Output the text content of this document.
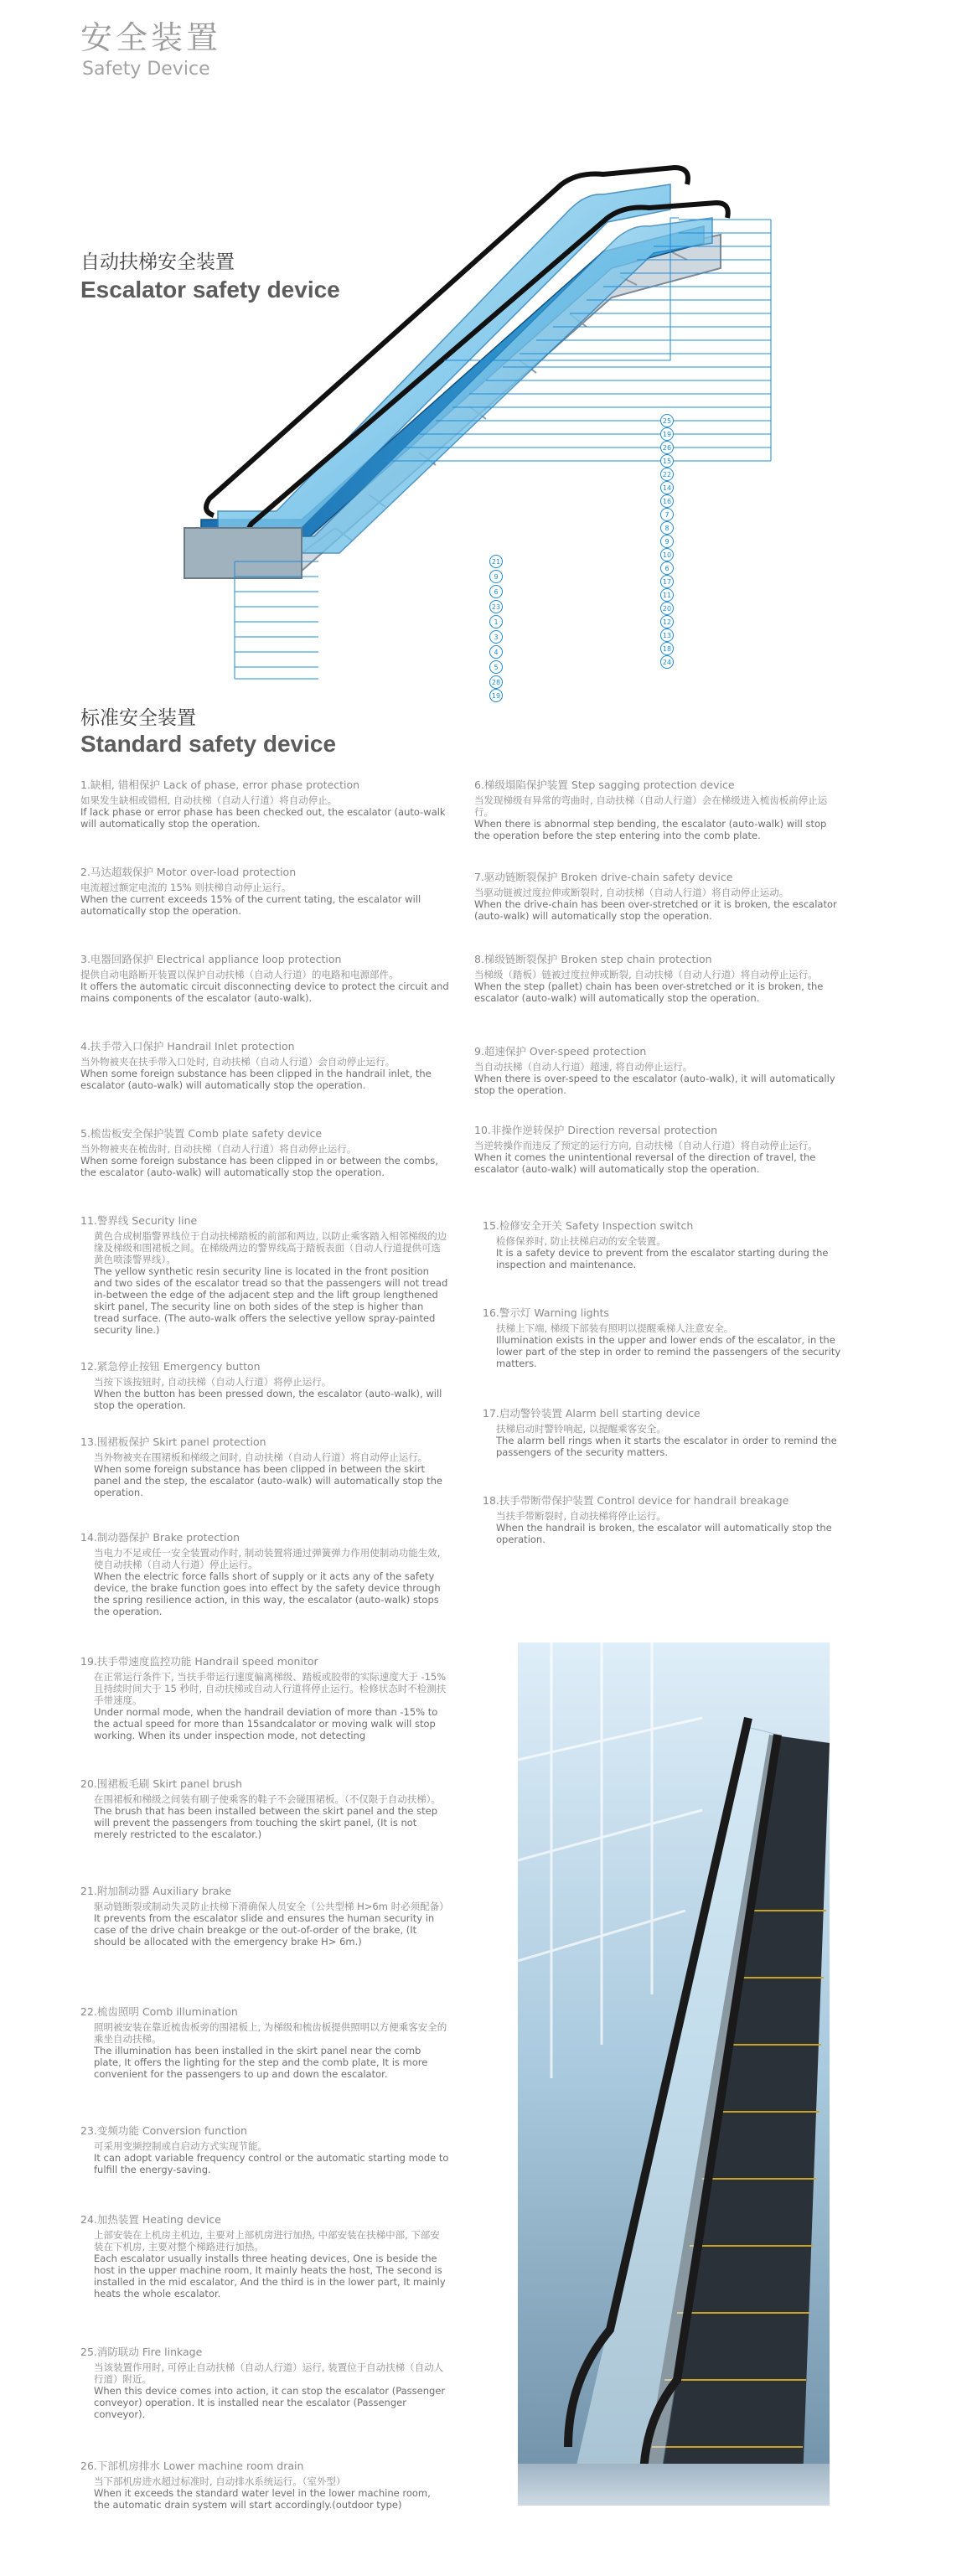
安全装置
Safety Device
自动扶梯安全装置
Escalator safety device
25
19
26
15
22
14
16
7
8
9
10
6
17
11
20
12
13
18
24
21
9
6
23
1
3
4
5
28
19
标准安全装置
Standard safety device
1.缺相, 错相保护 Lack of phase, error phase protection
如果发生缺相或错相, 自动扶梯（自动人行道）将自动停止。
If lack phase or error phase has been checked out, the escalator (auto-walk will automatically stop the operation.
2.马达超载保护 Motor over-load protection
电流超过额定电流的 15% 则扶梯自动停止运行。
When the current exceeds 15% of the current tating, the escalator will automatically stop the operation.
3.电器回路保护 Electrical appliance loop protection
提供自动电路断开装置以保护自动扶梯（自动人行道）的电路和电源部件。
It offers the automatic circuit disconnecting device to protect the circuit and mains components of the escalator (auto-walk).
4.扶手带入口保护 Handrail Inlet protection
当外物被夹在扶手带入口处时, 自动扶梯（自动人行道）会自动停止运行。
When some foreign substance has been clipped in the handrail inlet, the escalator (auto-walk) will automatically stop the operation.
5.梳齿板安全保护装置 Comb plate safety device
当外物被夹在梳齿时, 自动扶梯（自动人行道）将自动停止运行。
When some foreign substance has been clipped in or between the combs, the escalator (auto-walk) will automatically stop the operation.
6.梯级塌陷保护装置 Step sagging protection device
当发现梯级有异常的弯曲时, 自动扶梯（自动人行道）会在梯级进入梳齿板前停止运行。
When there is abnormal step bending, the escalator (auto-walk) will stop the operation before the step entering into the comb plate.
7.驱动链断裂保护 Broken drive-chain safety device
当驱动链被过度拉伸或断裂时, 自动扶梯（自动人行道）将自动停止运动。
When the drive-chain has been over-stretched or it is broken, the escalator (auto-walk) will automatically stop the operation.
8.梯级链断裂保护 Broken step chain protection
当梯级（踏板）链被过度拉伸或断裂, 自动扶梯（自动人行道）将自动停止运行。
When the step (pallet) chain has been over-stretched or it is broken, the escalator (auto-walk) will automatically stop the operation.
9.超速保护 Over-speed protection
当自动扶梯（自动人行道）超速, 将自动停止运行。
When there is over-speed to the escalator (auto-walk), it will automatically stop the operation.
10.非操作逆转保护 Direction reversal protection
当逆转操作而违反了预定的运行方向, 自动扶梯（自动人行道）将自动停止运行。
When it comes the unintentional reversal of the direction of travel, the escalator (auto-walk) will automatically stop the operation.
11.警界线 Security line
黄色合成树脂警界线位于自动扶梯踏板的前部和两边, 以防止乘客踏入相邻梯级的边缘及梯级和围裙板之间。在梯级两边的警界线高于踏板表面（自动人行道提供可选黄色喷漆警界线）。
The yellow synthetic resin security line is located in the front position and two sides of the escalator tread so that the passengers will not tread in-between the edge of the adjacent step and the lift group lengthened skirt panel, The security line on both sides of the step is higher than tread surface. (The auto-walk offers the selective yellow spray-painted security line.)
12.紧急停止按钮 Emergency button
当按下该按钮时, 自动扶梯（自动人行道）将停止运行。
When the button has been pressed down, the escalator (auto-walk), will stop the operation.
13.围裙板保护 Skirt panel protection
当外物被夹在围裙板和梯级之间时, 自动扶梯（自动人行道）将自动停止运行。
When some foreign substance has been clipped in between the skirt panel and the step, the escalator (auto-walk) will automatically stop the operation.
14.制动器保护 Brake protection
当电力不足或任一安全装置动作时, 制动装置将通过弹簧弹力作用使制动功能生效, 使自动扶梯（自动人行道）停止运行。
When the electric force falls short of supply or it acts any of the safety device, the brake function goes into effect by the safety device through the spring resilience action, in this way, the escalator (auto-walk) stops the operation.
19.扶手带速度监控功能 Handrail speed monitor
在正常运行条件下, 当扶手带运行速度偏离梯级、踏板或胶带的实际速度大于 -15% 且持续时间大于 15 秒时, 自动扶梯或自动人行道将停止运行。检修状态时不检测扶手带速度。
Under normal mode, when the handrail deviation of more than -15% to the actual speed for more than 15sandcalator or moving walk will stop working. When its under inspection mode, not detecting
20.围裙板毛刷 Skirt panel brush
在围裙板和梯级之间装有刷子使乘客的鞋子不会碰围裙板。（不仅限于自动扶梯）。
The brush that has been installed between the skirt panel and the step will prevent the passengers from touching the skirt panel, (It is not merely restricted to the escalator.)
21.附加制动器 Auxiliary brake
驱动链断裂或制动失灵防止扶梯下滑确保人员安全（公共型梯 H>6m 时必须配备）
It prevents from the escalator slide and ensures the human security in case of the drive chain breakge or the out-of-order of the brake, (It should be allocated with the emergency brake H> 6m.)
22.梳齿照明 Comb illumination
照明被安装在靠近梳齿板旁的围裙板上, 为梯级和梳齿板提供照明以方便乘客安全的乘坐自动扶梯。
The illumination has been installed in the skirt panel near the comb plate, It offers the lighting for the step and the comb plate, It is more convenient for the passengers to up and down the escalator.
23.变频功能 Conversion function
可采用变频控制或自启动方式实现节能。
It can adopt variable frequency control or the automatic starting mode to fulfill the energy-saving.
24.加热装置 Heating device
上部安装在上机房主机边, 主要对上部机房进行加热, 中部安装在扶梯中部, 下部安装在下机房, 主要对整个梯路进行加热。
Each escalator usually installs three heating devices, One is beside the host in the upper machine room, It mainly heats the host, The second is installed in the mid escalator, And the third is in the lower part, It mainly heats the whole escalator.
25.消防联动 Fire linkage
当该装置作用时, 可停止自动扶梯（自动人行道）运行, 装置位于自动扶梯（自动人行道）附近。
When this device comes into action, it can stop the escalator (Passenger conveyor) operation. It is installed near the escalator (Passenger conveyor).
26.下部机房排水 Lower machine room drain
当下部机房进水超过标准时, 自动排水系统运行。（室外型）
When it exceeds the standard water level in the lower machine room, the automatic drain system will start accordingly.(outdoor type)
15.检修安全开关 Safety Inspection switch
检修保养时, 防止扶梯启动的安全装置。
It is a safety device to prevent from the escalator starting during the inspection and maintenance.
16.警示灯 Warning lights
扶梯上下端, 梯级下部装有照明以提醒乘梯人注意安全。
Illumination exists in the upper and lower ends of the escalator, in the lower part of the step in order to remind the passengers of the security matters.
17.启动警铃装置 Alarm bell starting device
扶梯启动时警铃响起, 以提醒乘客安全。
The alarm bell rings when it starts the escalator in order to remind the passengers of the security matters.
18.扶手带断带保护装置 Control device for handrail breakage
当扶手带断裂时, 自动扶梯将停止运行。
When the handrail is broken, the escalator will automatically stop the operation.
